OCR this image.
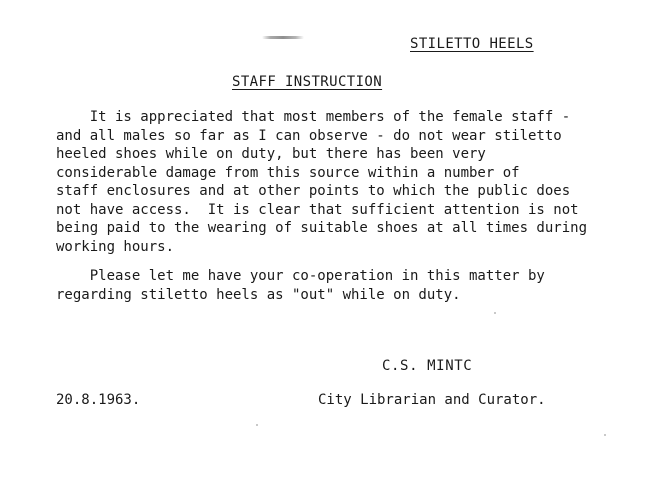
STILETTO HEELS
STAFF INSTRUCTION

It is appreciated that most members of the female staff -
and all males so far as I can observe - do not wear stiletto
heeled shoes while on duty, but there has been very
considerable damage from this source within a number of
staff enclosures and at other points to which the public does
not have access.  It is clear that sufficient attention is not
being paid to the wearing of suitable shoes at all times during
working hours.

Please let me have your co-operation in this matter by
regarding stiletto heels as "out" while on duty.

C.S. MINTC
20.8.1963.	City Librarian and Curator.
